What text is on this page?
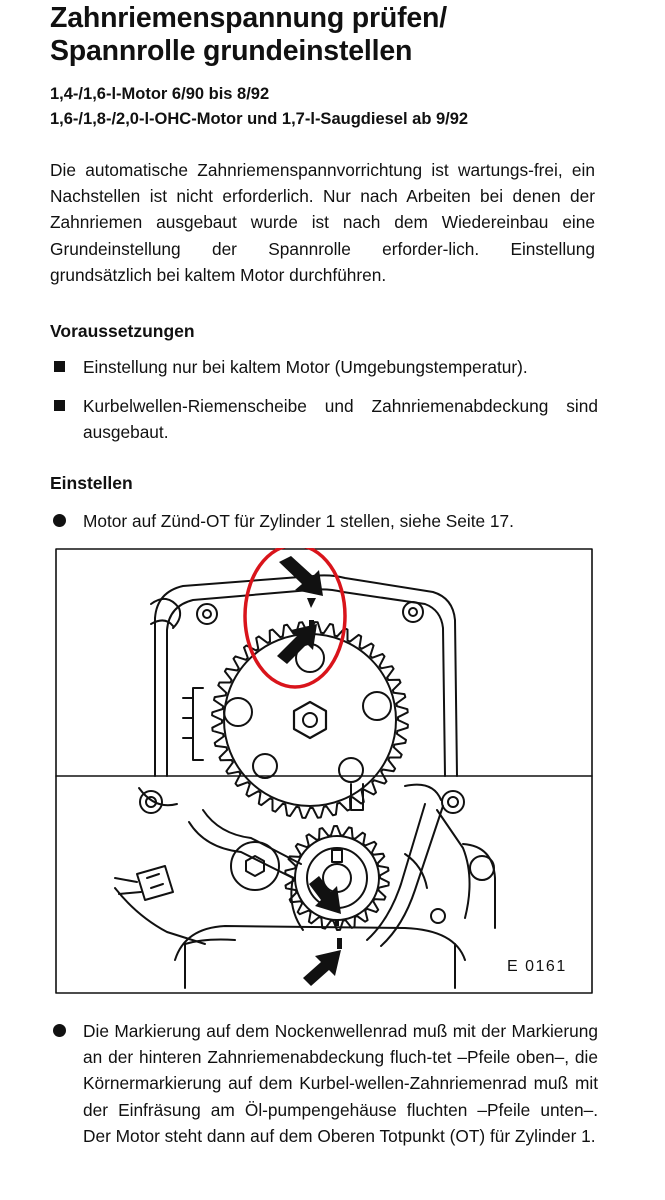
Zahnriemenspannung prüfen/
Spannrolle grundeinstellen

1,4-/1,6-l-Motor 6/90 bis 8/92

1,6-/1,8-/2,0-l-OHC-Motor und 1,7-l-Saugdiesel ab 9/92

Die automatische Zahnriemenspannvorrichtung ist wartungs-frei, ein Nachstellen ist nicht erforderlich. Nur nach Arbeiten bei denen der Zahnriemen ausgebaut wurde ist nach dem Wiedereinbau eine Grundeinstellung der Spannrolle erforder-lich. Einstellung grundsätzlich bei kaltem Motor durchführen.

Voraussetzungen
Einstellung nur bei kaltem Motor (Umgebungstemperatur).
Kurbelwellen-Riemenscheibe und Zahnriemenabdeckung sind ausgebaut.
Einstellen
Motor auf Zünd-OT für Zylinder 1 stellen, siehe Seite 17.
E 0161
Die Markierung auf dem Nockenwellenrad muß mit der Markierung an der hinteren Zahnriemenabdeckung fluch-tet –Pfeile oben–, die Körnermarkierung auf dem Kurbel-wellen-Zahnriemenrad muß mit der Einfräsung am Öl-pumpengehäuse fluchten –Pfeile unten–. Der Motor steht dann auf dem Oberen Totpunkt (OT) für Zylinder 1.
